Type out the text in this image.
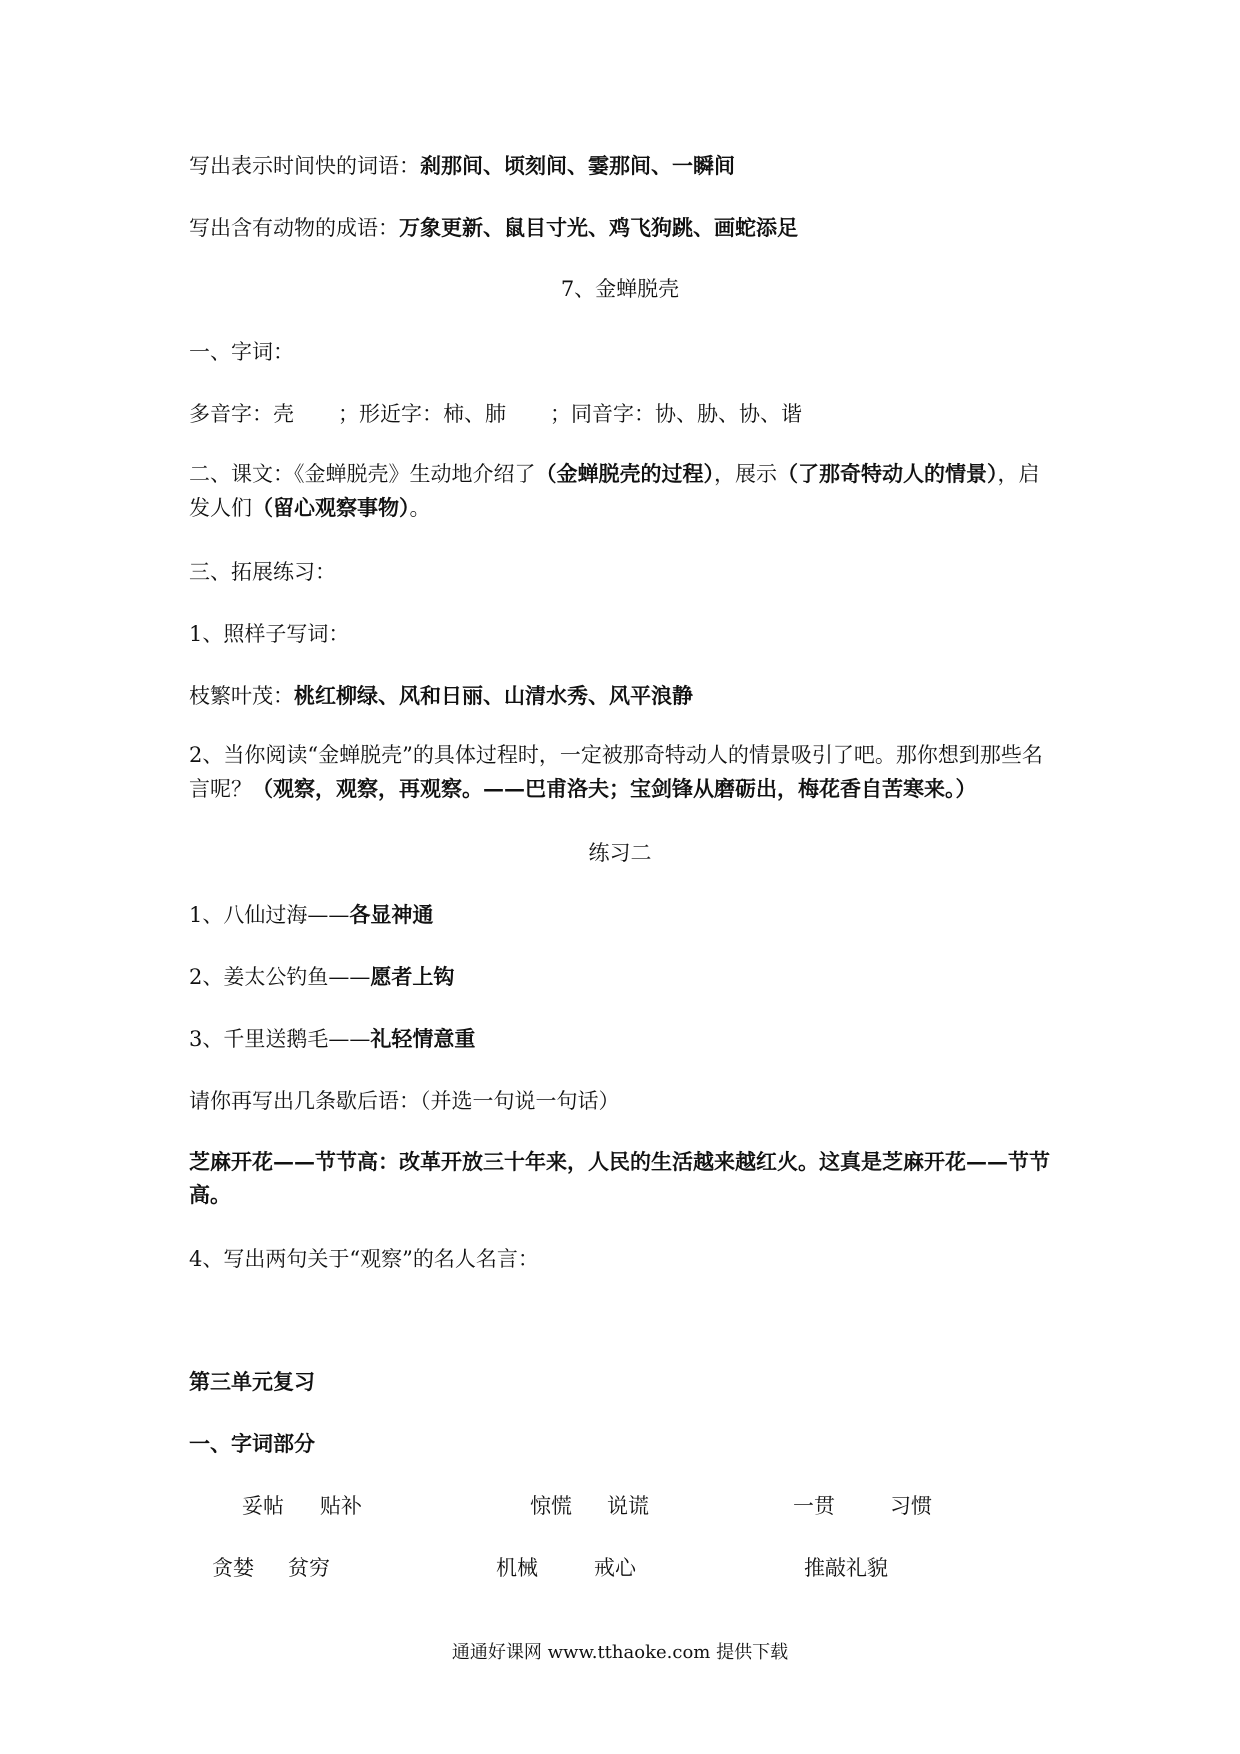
写出表示时间快的词语：刹那间、顷刻间、霎那间、一瞬间
写出含有动物的成语：万象更新、鼠目寸光、鸡飞狗跳、画蛇添足
7、金蝉脱壳
一、字词：
多音字：壳 ；形近字：柿、肺 ；同音字：协、胁、协、谐
二、课文：《金蝉脱壳》生动地介绍了（金蝉脱壳的过程），展示（了那奇特动人的情景），启发人们（留心观察事物）。
三、拓展练习：
1、照样子写词：
枝繁叶茂：桃红柳绿、风和日丽、山清水秀、风平浪静
2、当你阅读“金蝉脱壳”的具体过程时，一定被那奇特动人的情景吸引了吧。那你想到那些名言呢？（观察，观察，再观察。——巴甫洛夫；宝剑锋从磨砺出，梅花香自苦寒来。）
练习二
1、八仙过海——各显神通
2、姜太公钓鱼——愿者上钩
3、千里送鹅毛——礼轻情意重
请你再写出几条歇后语：（并选一句说一句话）
芝麻开花——节节高：改革开放三十年来，人民的生活越来越红火。这真是芝麻开花——节节高。
4、写出两句关于“观察”的名人名言：
第三单元复习
一、字词部分
妥帖 贴补	惊慌 说谎	一贯	习惯
贪婪 贫穷	机械	戒心	推敲礼貌
通通好课网 www.tthaoke.com 提供下载
